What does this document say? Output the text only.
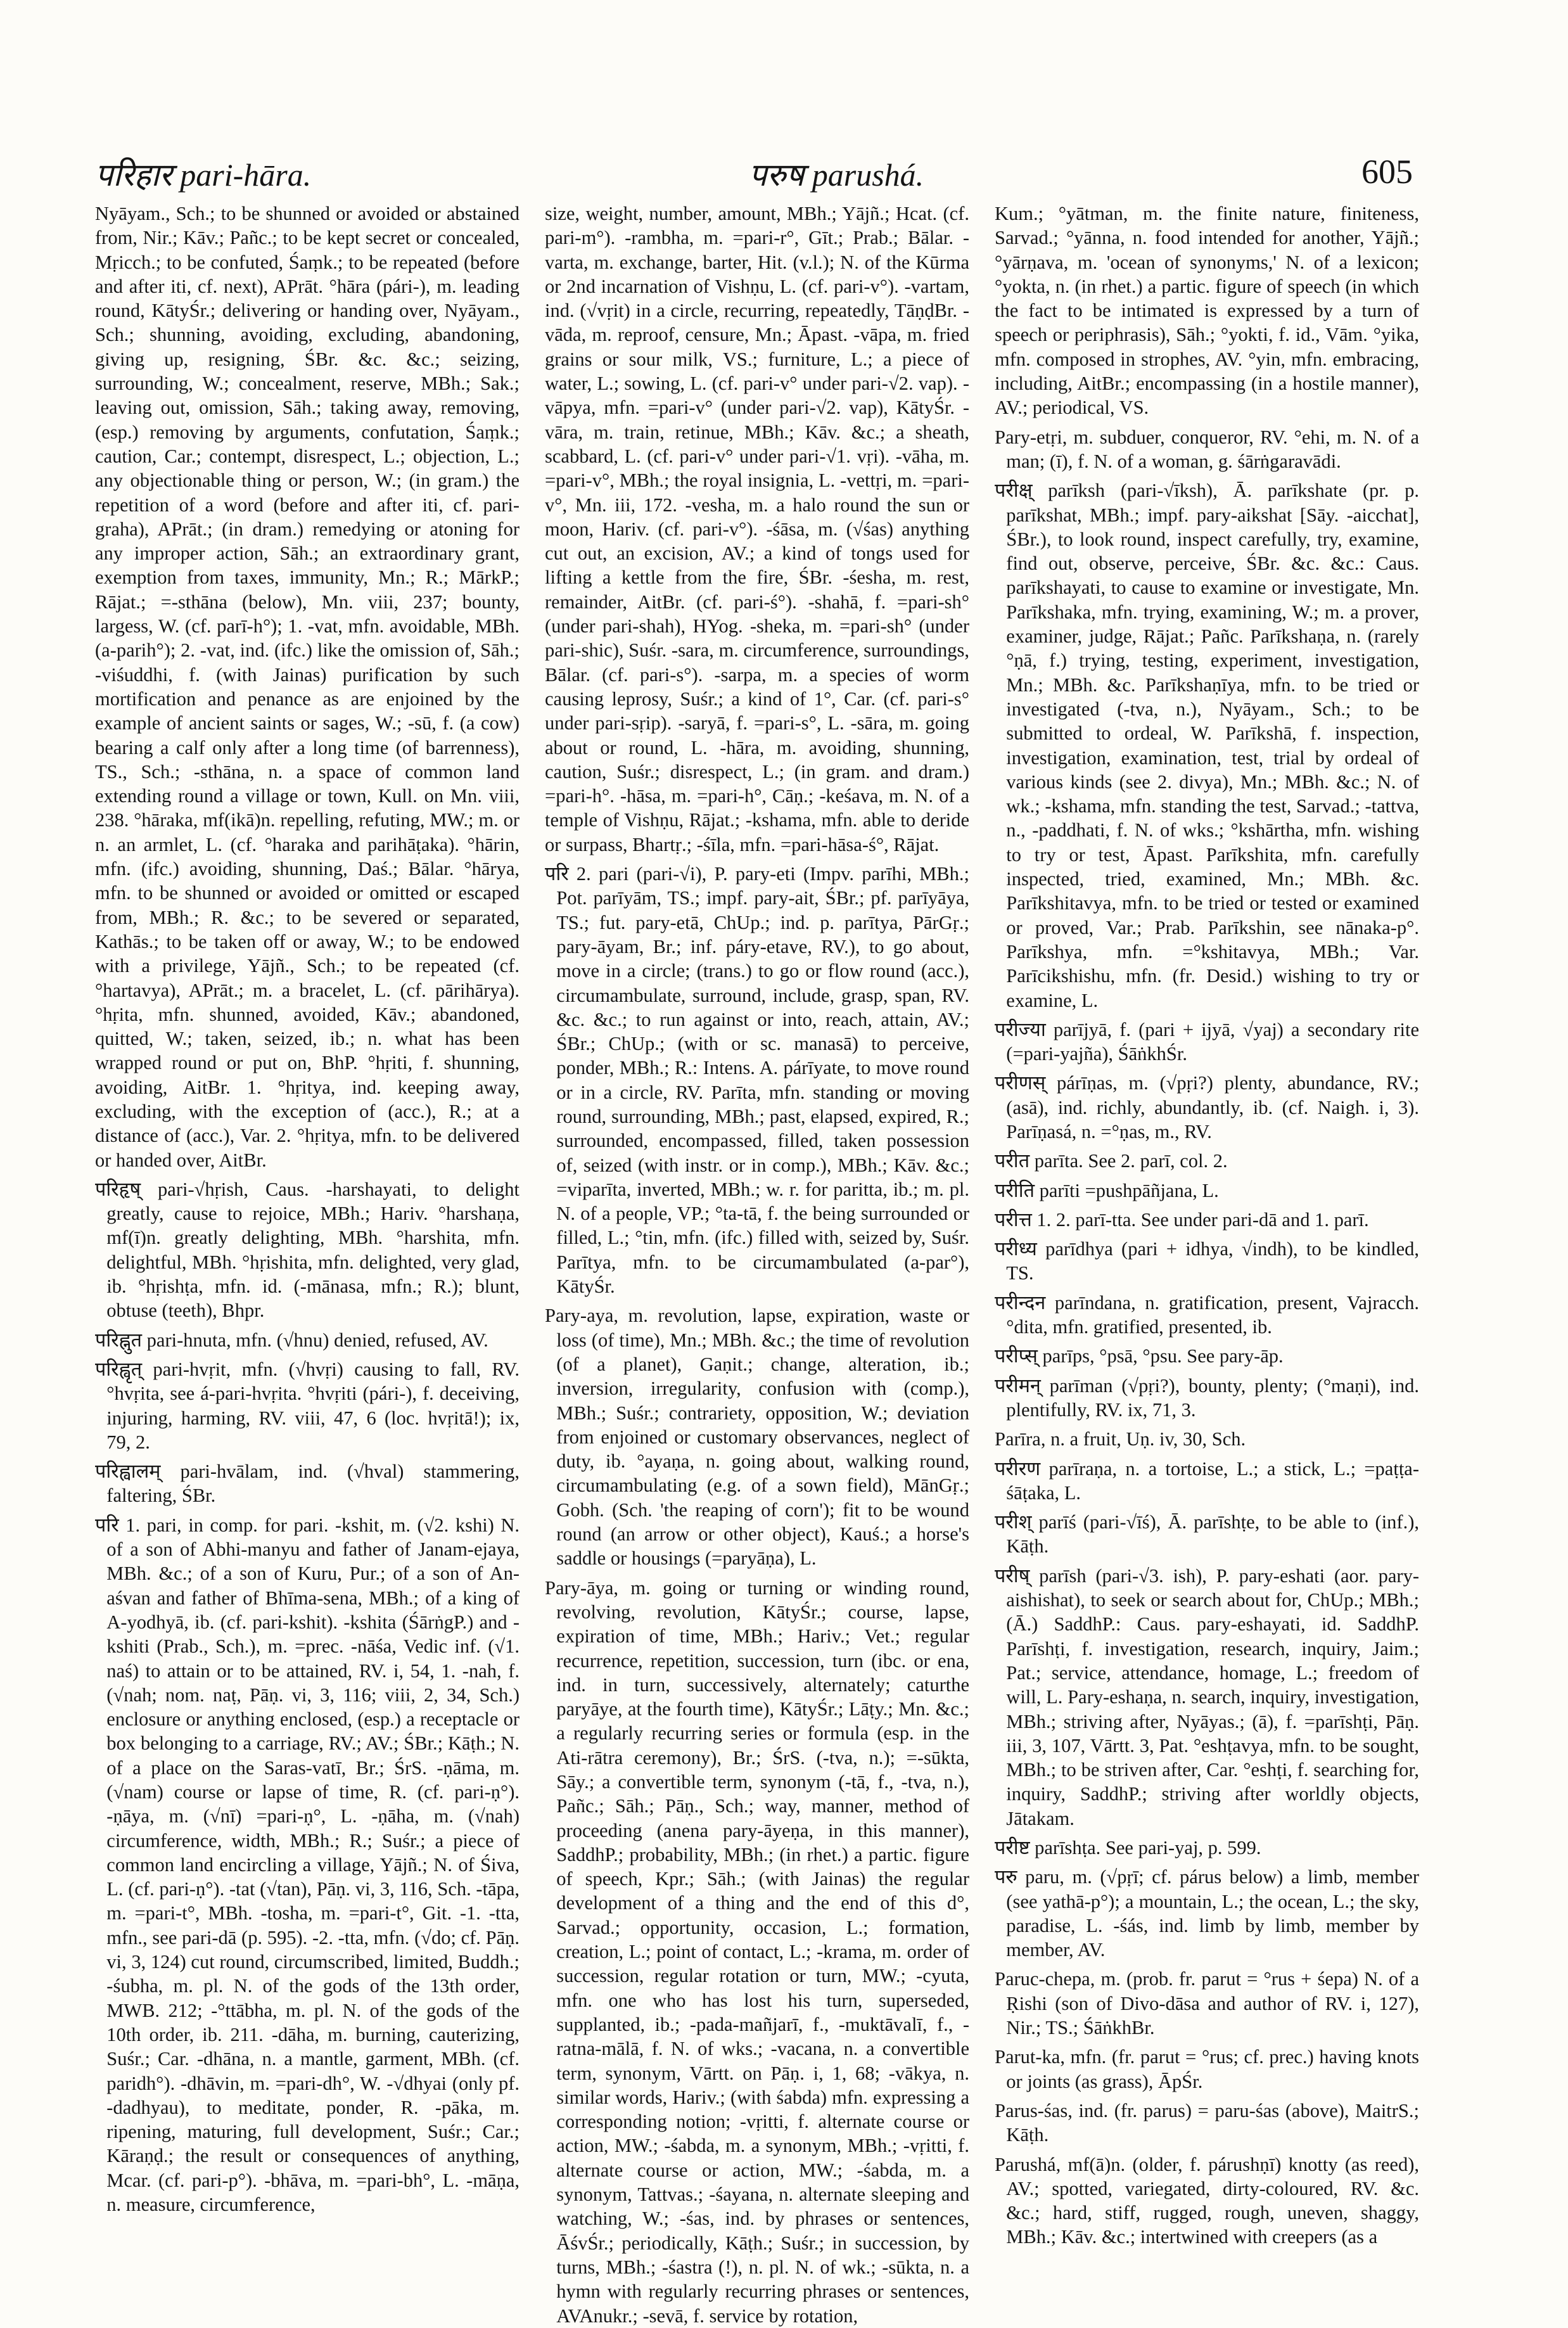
परिहार pari-hāra.	परुष parushá.	605

Nyāyam., Sch.; to be shunned or avoided or abstained from, Nir.; Kāv.; Pañc.; to be kept secret or concealed, Mṛicch.; to be confuted, Śaṃk.; to be repeated (before and after iti, cf. next), APrāt. °hāra (pári-), m. leading round, KātyŚr.; delivering or handing over, Nyāyam., Sch.; shunning, avoiding, excluding, abandoning, giving up, resigning, ŚBr. &c. &c.; seizing, surrounding, W.; concealment, reserve, MBh.; Sak.; leaving out, omission, Sāh.; taking away, removing, (esp.) removing by arguments, confutation, Śaṃk.; caution, Car.; contempt, disrespect, L.; objection, L.; any objectionable thing or person, W.; (in gram.) the repetition of a word (before and after iti, cf. pari-graha), APrāt.; (in dram.) remedying or atoning for any improper action, Sāh.; an extraordinary grant, exemption from taxes, immunity, Mn.; R.; MārkP.; Rājat.; =-sthāna (below), Mn. viii, 237; bounty, largess, W. (cf. parī-h°); 1. -vat, mfn. avoidable, MBh. (a-parih°); 2. -vat, ind. (ifc.) like the omission of, Sāh.; -viśuddhi, f. (with Jainas) purification by such mortification and penance as are enjoined by the example of ancient saints or sages, W.; -sū, f. (a cow) bearing a calf only after a long time (of barrenness), TS., Sch.; -sthāna, n. a space of common land extending round a village or town, Kull. on Mn. viii, 238. °hāraka, mf(ikā)n. repelling, refuting, MW.; m. or n. an armlet, L. (cf. °haraka and parihāṭaka). °hārin, mfn. (ifc.) avoiding, shunning, Daś.; Bālar. °hārya, mfn. to be shunned or avoided or omitted or escaped from, MBh.; R. &c.; to be severed or separated, Kathās.; to be taken off or away, W.; to be endowed with a privilege, Yājñ., Sch.; to be repeated (cf. °hartavya), APrāt.; m. a bracelet, L. (cf. pārihārya). °hṛita, mfn. shunned, avoided, Kāv.; abandoned, quitted, W.; taken, seized, ib.; n. what has been wrapped round or put on, BhP. °hṛiti, f. shunning, avoiding, AitBr. 1. °hṛitya, ind. keeping away, excluding, with the exception of (acc.), R.; at a distance of (acc.), Var. 2. °hṛitya, mfn. to be delivered or handed over, AitBr.

परिहृष् pari-√hṛish, Caus. -harshayati, to delight greatly, cause to rejoice, MBh.; Hariv. °harshaṇa, mf(ī)n. greatly delighting, MBh. °harshita, mfn. delightful, MBh. °hṛishita, mfn. delighted, very glad, ib. °hṛishṭa, mfn. id. (-mānasa, mfn.; R.); blunt, obtuse (teeth), Bhpr.

परिह्नुत pari-hnuta, mfn. (√hnu) denied, refused, AV.

परिह्वृत् pari-hvṛit, mfn. (√hvṛi) causing to fall, RV. °hvṛita, see á-pari-hvṛita. °hvṛiti (pári-), f. deceiving, injuring, harming, RV. viii, 47, 6 (loc. hvṛitā!); ix, 79, 2.

परिह्वालम् pari-hvālam, ind. (√hval) stammering, faltering, ŚBr.

परि 1. pari, in comp. for pari. -kshit, m. (√2. kshi) N. of a son of Abhi-manyu and father of Janam-ejaya, MBh. &c.; of a son of Kuru, Pur.; of a son of An-aśvan and father of Bhīma-sena, MBh.; of a king of A-yodhyā, ib. (cf. pari-kshit). -kshita (ŚārṅgP.) and -kshiti (Prab., Sch.), m. =prec. -nāśa, Vedic inf. (√1. naś) to attain or to be attained, RV. i, 54, 1. -nah, f. (√nah; nom. naṭ, Pāṇ. vi, 3, 116; viii, 2, 34, Sch.) enclosure or anything enclosed, (esp.) a receptacle or box belonging to a carriage, RV.; AV.; ŚBr.; Kāṭh.; N. of a place on the Saras-vatī, Br.; ŚrS. -ṇāma, m. (√nam) course or lapse of time, R. (cf. pari-ṇ°). -ṇāya, m. (√nī) =pari-ṇ°, L. -ṇāha, m. (√nah) circumference, width, MBh.; R.; Suśr.; a piece of common land encircling a village, Yājñ.; N. of Śiva, L. (cf. pari-ṇ°). -tat (√tan), Pāṇ. vi, 3, 116, Sch. -tāpa, m. =pari-t°, MBh. -tosha, m. =pari-t°, Git. -1. -tta, mfn., see pari-dā (p. 595). -2. -tta, mfn. (√do; cf. Pāṇ. vi, 3, 124) cut round, circumscribed, limited, Buddh.; -śubha, m. pl. N. of the gods of the 13th order, MWB. 212; -°ttābha, m. pl. N. of the gods of the 10th order, ib. 211. -dāha, m. burning, cauterizing, Suśr.; Car. -dhāna, n. a mantle, garment, MBh. (cf. paridh°). -dhāvin, m. =pari-dh°, W. -√dhyai (only pf. -dadhyau), to meditate, ponder, R. -pāka, m. ripening, maturing, full development, Suśr.; Car.; Kāraṇḍ.; the result or consequences of anything, Mcar. (cf. pari-p°). -bhāva, m. =pari-bh°, L. -māṇa, n. measure, circumference,

size, weight, number, amount, MBh.; Yājñ.; Hcat. (cf. pari-m°). -rambha, m. =pari-r°, Gīt.; Prab.; Bālar. -varta, m. exchange, barter, Hit. (v.l.); N. of the Kūrma or 2nd incarnation of Vishṇu, L. (cf. pari-v°). -vartam, ind. (√vṛit) in a circle, recurring, repeatedly, TāṇḍBr. -vāda, m. reproof, censure, Mn.; Āpast. -vāpa, m. fried grains or sour milk, VS.; furniture, L.; a piece of water, L.; sowing, L. (cf. pari-v° under pari-√2. vap). -vāpya, mfn. =pari-v° (under pari-√2. vap), KātyŚr. -vāra, m. train, retinue, MBh.; Kāv. &c.; a sheath, scabbard, L. (cf. pari-v° under pari-√1. vṛi). -vāha, m. =pari-v°, MBh.; the royal insignia, L. -vettṛi, m. =pari-v°, Mn. iii, 172. -vesha, m. a halo round the sun or moon, Hariv. (cf. pari-v°). -śāsa, m. (√śas) anything cut out, an excision, AV.; a kind of tongs used for lifting a kettle from the fire, ŚBr. -śesha, m. rest, remainder, AitBr. (cf. pari-ś°). -shahā, f. =pari-sh° (under pari-shah), HYog. -sheka, m. =pari-sh° (under pari-shic), Suśr. -sara, m. circumference, surroundings, Bālar. (cf. pari-s°). -sarpa, m. a species of worm causing leprosy, Suśr.; a kind of 1°, Car. (cf. pari-s° under pari-sṛip). -saryā, f. =pari-s°, L. -sāra, m. going about or round, L. -hāra, m. avoiding, shunning, caution, Suśr.; disrespect, L.; (in gram. and dram.) =pari-h°. -hāsa, m. =pari-h°, Cāṇ.; -keśava, m. N. of a temple of Vishṇu, Rājat.; -kshama, mfn. able to deride or surpass, Bhartṛ.; -śīla, mfn. =pari-hāsa-ś°, Rājat.

परि 2. pari (pari-√i), P. pary-eti (Impv. parīhi, MBh.; Pot. parīyām, TS.; impf. pary-ait, ŚBr.; pf. parīyāya, TS.; fut. pary-etā, ChUp.; ind. p. parītya, PārGṛ.; pary-āyam, Br.; inf. páry-etave, RV.), to go about, move in a circle; (trans.) to go or flow round (acc.), circumambulate, surround, include, grasp, span, RV. &c. &c.; to run against or into, reach, attain, AV.; ŚBr.; ChUp.; (with or sc. manasā) to perceive, ponder, MBh.; R.: Intens. A. párīyate, to move round or in a circle, RV. Parīta, mfn. standing or moving round, surrounding, MBh.; past, elapsed, expired, R.; surrounded, encompassed, filled, taken possession of, seized (with instr. or in comp.), MBh.; Kāv. &c.; =viparīta, inverted, MBh.; w. r. for paritta, ib.; m. pl. N. of a people, VP.; °ta-tā, f. the being surrounded or filled, L.; °tin, mfn. (ifc.) filled with, seized by, Suśr. Parītya, mfn. to be circumambulated (a-par°), KātyŚr.

Pary-aya, m. revolution, lapse, expiration, waste or loss (of time), Mn.; MBh. &c.; the time of revolution (of a planet), Gaṇit.; change, alteration, ib.; inversion, irregularity, confusion with (comp.), MBh.; Suśr.; contrariety, opposition, W.; deviation from enjoined or customary observances, neglect of duty, ib. °ayaṇa, n. going about, walking round, circumambulating (e.g. of a sown field), MānGṛ.; Gobh. (Sch. 'the reaping of corn'); fit to be wound round (an arrow or other object), Kauś.; a horse's saddle or housings (=paryāṇa), L.

Pary-āya, m. going or turning or winding round, revolving, revolution, KātyŚr.; course, lapse, expiration of time, MBh.; Hariv.; Vet.; regular recurrence, repetition, succession, turn (ibc. or ena, ind. in turn, successively, alternately; caturthe paryāye, at the fourth time), KātyŚr.; Lāṭy.; Mn. &c.; a regularly recurring series or formula (esp. in the Ati-rātra ceremony), Br.; ŚrS. (-tva, n.); =-sūkta, Sāy.; a convertible term, synonym (-tā, f., -tva, n.), Pañc.; Sāh.; Pāṇ., Sch.; way, manner, method of proceeding (anena pary-āyeṇa, in this manner), SaddhP.; probability, MBh.; (in rhet.) a partic. figure of speech, Kpr.; Sāh.; (with Jainas) the regular development of a thing and the end of this d°, Sarvad.; opportunity, occasion, L.; formation, creation, L.; point of contact, L.; -krama, m. order of succession, regular rotation or turn, MW.; -cyuta, mfn. one who has lost his turn, superseded, supplanted, ib.; -pada-mañjarī, f., -muktāvalī, f., -ratna-mālā, f. N. of wks.; -vacana, n. a convertible term, synonym, Vārtt. on Pāṇ. i, 1, 68; -vākya, n. similar words, Hariv.; (with śabda) mfn. expressing a corresponding notion; -vṛitti, f. alternate course or action, MW.; -śabda, m. a synonym, MBh.; -vṛitti, f. alternate course or action, MW.; -śabda, m. a synonym, Tattvas.; -śayana, n. alternate sleeping and watching, W.; -śas, ind. by phrases or sentences, ĀśvŚr.; periodically, Kāṭh.; Suśr.; in succession, by turns, MBh.; -śastra (!), n. pl. N. of wk.; -sūkta, n. a hymn with regularly recurring phrases or sentences, AVAnukr.; -sevā, f. service by rotation,

Kum.; °yātman, m. the finite nature, finiteness, Sarvad.; °yānna, n. food intended for another, Yājñ.; °yārṇava, m. 'ocean of synonyms,' N. of a lexicon; °yokta, n. (in rhet.) a partic. figure of speech (in which the fact to be intimated is expressed by a turn of speech or periphrasis), Sāh.; °yokti, f. id., Vām. °yika, mfn. composed in strophes, AV. °yin, mfn. embracing, including, AitBr.; encompassing (in a hostile manner), AV.; periodical, VS.

Pary-etṛi, m. subduer, conqueror, RV. °ehi, m. N. of a man; (ī), f. N. of a woman, g. śārṅgaravādi.

परीक्ष् parīksh (pari-√īksh), Ā. parīkshate (pr. p. parīkshat, MBh.; impf. pary-aikshat [Sāy. -aicchat], ŚBr.), to look round, inspect carefully, try, examine, find out, observe, perceive, ŚBr. &c. &c.: Caus. parīkshayati, to cause to examine or investigate, Mn. Parīkshaka, mfn. trying, examining, W.; m. a prover, examiner, judge, Rājat.; Pañc. Parīkshaṇa, n. (rarely °ṇā, f.) trying, testing, experiment, investigation, Mn.; MBh. &c. Parīkshaṇīya, mfn. to be tried or investigated (-tva, n.), Nyāyam., Sch.; to be submitted to ordeal, W. Parīkshā, f. inspection, investigation, examination, test, trial by ordeal of various kinds (see 2. divya), Mn.; MBh. &c.; N. of wk.; -kshama, mfn. standing the test, Sarvad.; -tattva, n., -paddhati, f. N. of wks.; °kshārtha, mfn. wishing to try or test, Āpast. Parīkshita, mfn. carefully inspected, tried, examined, Mn.; MBh. &c. Parīkshitavya, mfn. to be tried or tested or examined or proved, Var.; Prab. Parīkshin, see nānaka-p°. Parīkshya, mfn. =°kshitavya, MBh.; Var. Parīcikshishu, mfn. (fr. Desid.) wishing to try or examine, L.

परीज्या parījyā, f. (pari + ijyā, √yaj) a secondary rite (=pari-yajña), ŚāṅkhŚr.

परीणस् párīṇas, m. (√pṛi?) plenty, abundance, RV.; (asā), ind. richly, abundantly, ib. (cf. Naigh. i, 3). Parīṇasá, n. =°ṇas, m., RV.

परीत parīta. See 2. parī, col. 2.

परीति parīti =pushpāñjana, L.

परीत्त 1. 2. parī-tta. See under pari-dā and 1. parī.

परीध्य parīdhya (pari + idhya, √indh), to be kindled, TS.

परीन्दन parīndana, n. gratification, present, Vajracch. °dita, mfn. gratified, presented, ib.

परीप्स् parīps, °psā, °psu. See pary-āp.

परीमन् parīman (√pṛi?), bounty, plenty; (°maṇi), ind. plentifully, RV. ix, 71, 3.

Parīra, n. a fruit, Uṇ. iv, 30, Sch.

परीरण parīraṇa, n. a tortoise, L.; a stick, L.; =paṭṭa-śāṭaka, L.

परीश् parīś (pari-√īś), Ā. parīshṭe, to be able to (inf.), Kāṭh.

परीष् parīsh (pari-√3. ish), P. pary-eshati (aor. pary-aishishat), to seek or search about for, ChUp.; MBh.; (Ā.) SaddhP.: Caus. pary-eshayati, id. SaddhP. Parīshṭi, f. investigation, research, inquiry, Jaim.; Pat.; service, attendance, homage, L.; freedom of will, L. Pary-eshaṇa, n. search, inquiry, investigation, MBh.; striving after, Nyāyas.; (ā), f. =parīshṭi, Pāṇ. iii, 3, 107, Vārtt. 3, Pat. °eshṭavya, mfn. to be sought, MBh.; to be striven after, Car. °eshṭi, f. searching for, inquiry, SaddhP.; striving after worldly objects, Jātakam.

परीष्ट parīshṭa. See pari-yaj, p. 599.

परु paru, m. (√pṛī; cf. párus below) a limb, member (see yathā-p°); a mountain, L.; the ocean, L.; the sky, paradise, L. -śás, ind. limb by limb, member by member, AV.

Paruc-chepa, m. (prob. fr. parut = °rus + śepa) N. of a Ṛishi (son of Divo-dāsa and author of RV. i, 127), Nir.; TS.; ŚāṅkhBr.

Parut-ka, mfn. (fr. parut = °rus; cf. prec.) having knots or joints (as grass), ĀpŚr.

Parus-śas, ind. (fr. parus) = paru-śas (above), MaitrS.; Kāṭh.

Parushá, mf(ā)n. (older, f. párushṇī) knotty (as reed), AV.; spotted, variegated, dirty-coloured, RV. &c. &c.; hard, stiff, rugged, rough, uneven, shaggy, MBh.; Kāv. &c.; intertwined with creepers (as a
